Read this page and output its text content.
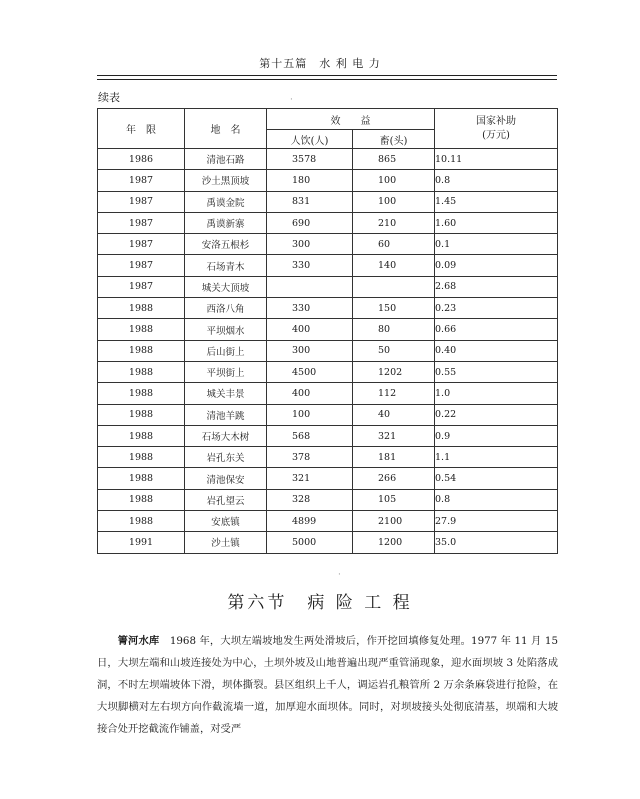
第十五篇　水 利 电 力
续表
年　限	地　名	效　　益		国家补助
(万元)
		人饮(人)	畜(头)	
1986	清池石路	3578	865	10.11
1987	沙土黑顶坡	180	100	0.8
1987	禹谟金院	831	100	1.45
1987	禹谟新寨	690	210	1.60
1987	安洛五根杉	300	60	0.1
1987	石场青木	330	140	0.09
1987	城关大顶坡			2.68
1988	西洛八角	330	150	0.23
1988	平坝烟水	400	80	0.66
1988	后山街上	300	50	0.40
1988	平坝街上	4500	1202	0.55
1988	城关丰景	400	112	1.0
1988	清池羊跳	100	40	0.22
1988	石场大木树	568	321	0.9
1988	岩孔东关	378	181	1.1
1988	清池保安	321	266	0.54
1988	岩孔望云	328	105	0.8
1988	安底镇	4899	2100	27.9
1991	沙土镇	5000	1200	35.0
第六节　病 险 工 程
箐河水库　1968 年，大坝左端坡地发生两处滑坡后，作开挖回填修复处理。1977 年 11 月 15 日，大坝左端和山坡连接处为中心，土坝外坡及山地普遍出现严重管涌现象，迎水面坝坡 3 处陷落成洞，不时左坝端坡体下滑，坝体撕裂。县区组织上千人，调运岩孔粮管所 2 万余条麻袋进行抢险，在大坝脚横对左右坝方向作截流墙一道，加厚迎水面坝体。同时，对坝坡接头处彻底清基，坝端和大坡接合处开挖截流作铺盖，对受严
·
·
